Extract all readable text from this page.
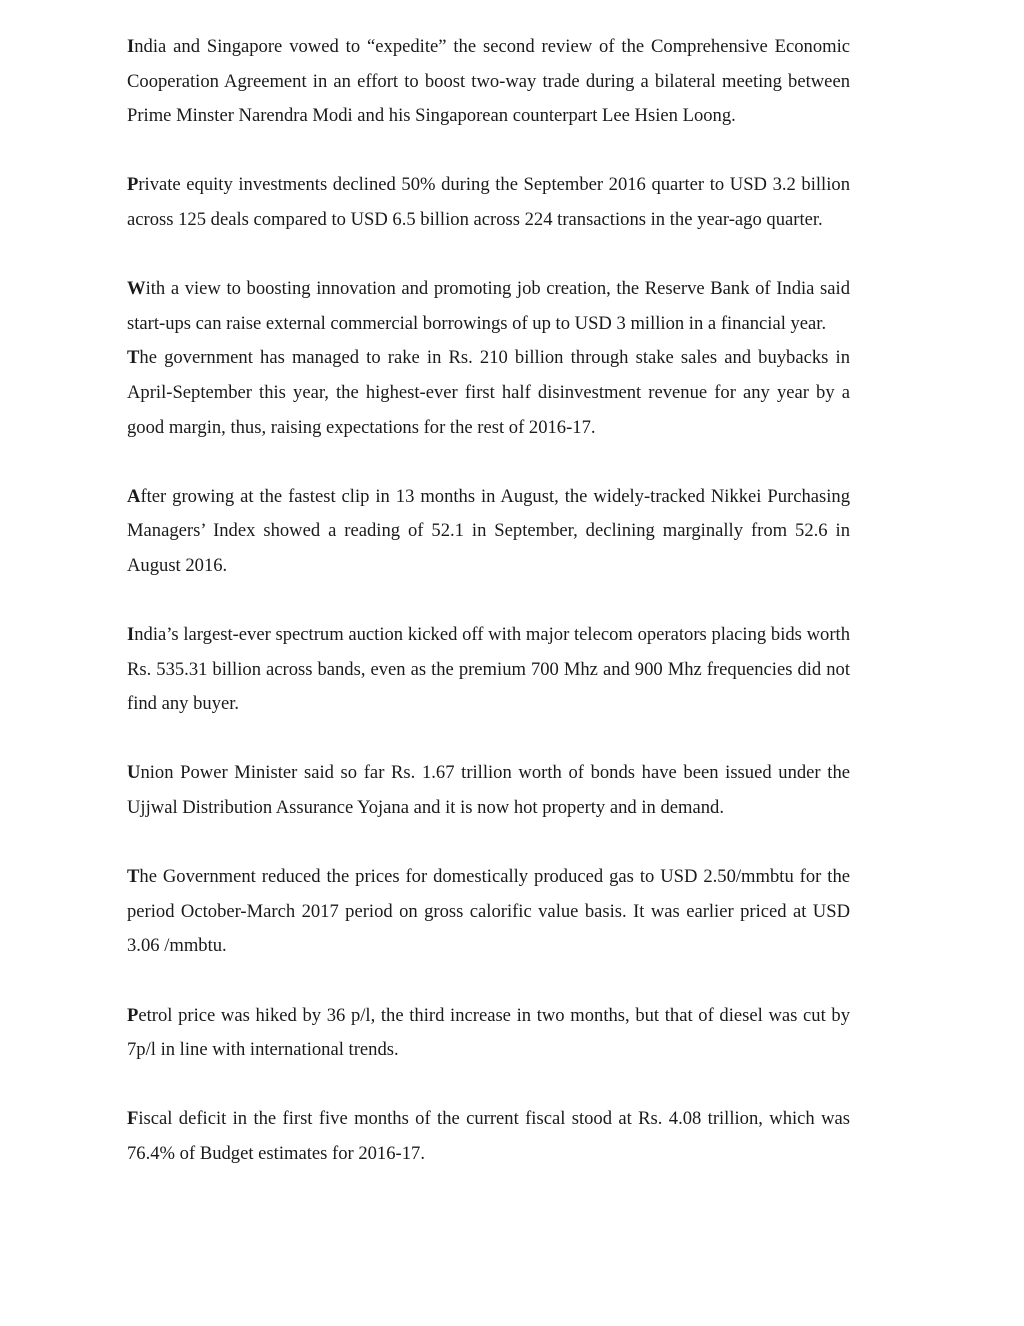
India and Singapore vowed to “expedite” the second review of the Comprehensive Economic Cooperation Agreement in an effort to boost two-way trade during a bilateral meeting between Prime Minster Narendra Modi and his Singaporean counterpart Lee Hsien Loong.

Private equity investments declined 50% during the September 2016 quarter to USD 3.2 billion across 125 deals compared to USD 6.5 billion across 224 transactions in the year-ago quarter.

With a view to boosting innovation and promoting job creation, the Reserve Bank of India said start-ups can raise external commercial borrowings of up to USD 3 million in a financial year.

The government has managed to rake in Rs. 210 billion through stake sales and buybacks in April-September this year, the highest-ever first half disinvestment revenue for any year by a good margin, thus, raising expectations for the rest of 2016-17.

After growing at the fastest clip in 13 months in August, the widely-tracked Nikkei Purchasing Managers’ Index showed a reading of 52.1 in September, declining marginally from 52.6 in August 2016.

India’s largest-ever spectrum auction kicked off with major telecom operators placing bids worth Rs. 535.31 billion across bands, even as the premium 700 Mhz and 900 Mhz frequencies did not find any buyer.

Union Power Minister said so far Rs. 1.67 trillion worth of bonds have been issued under the Ujjwal Distribution Assurance Yojana and it is now hot property and in demand.

The Government reduced the prices for domestically produced gas to USD 2.50/mmbtu for the period October-March 2017 period on gross calorific value basis. It was earlier priced at USD 3.06 /mmbtu.

Petrol price was hiked by 36 p/l, the third increase in two months, but that of diesel was cut by 7p/l in line with international trends.

Fiscal deficit in the first five months of the current fiscal stood at Rs. 4.08 trillion, which was 76.4% of Budget estimates for 2016-17.
